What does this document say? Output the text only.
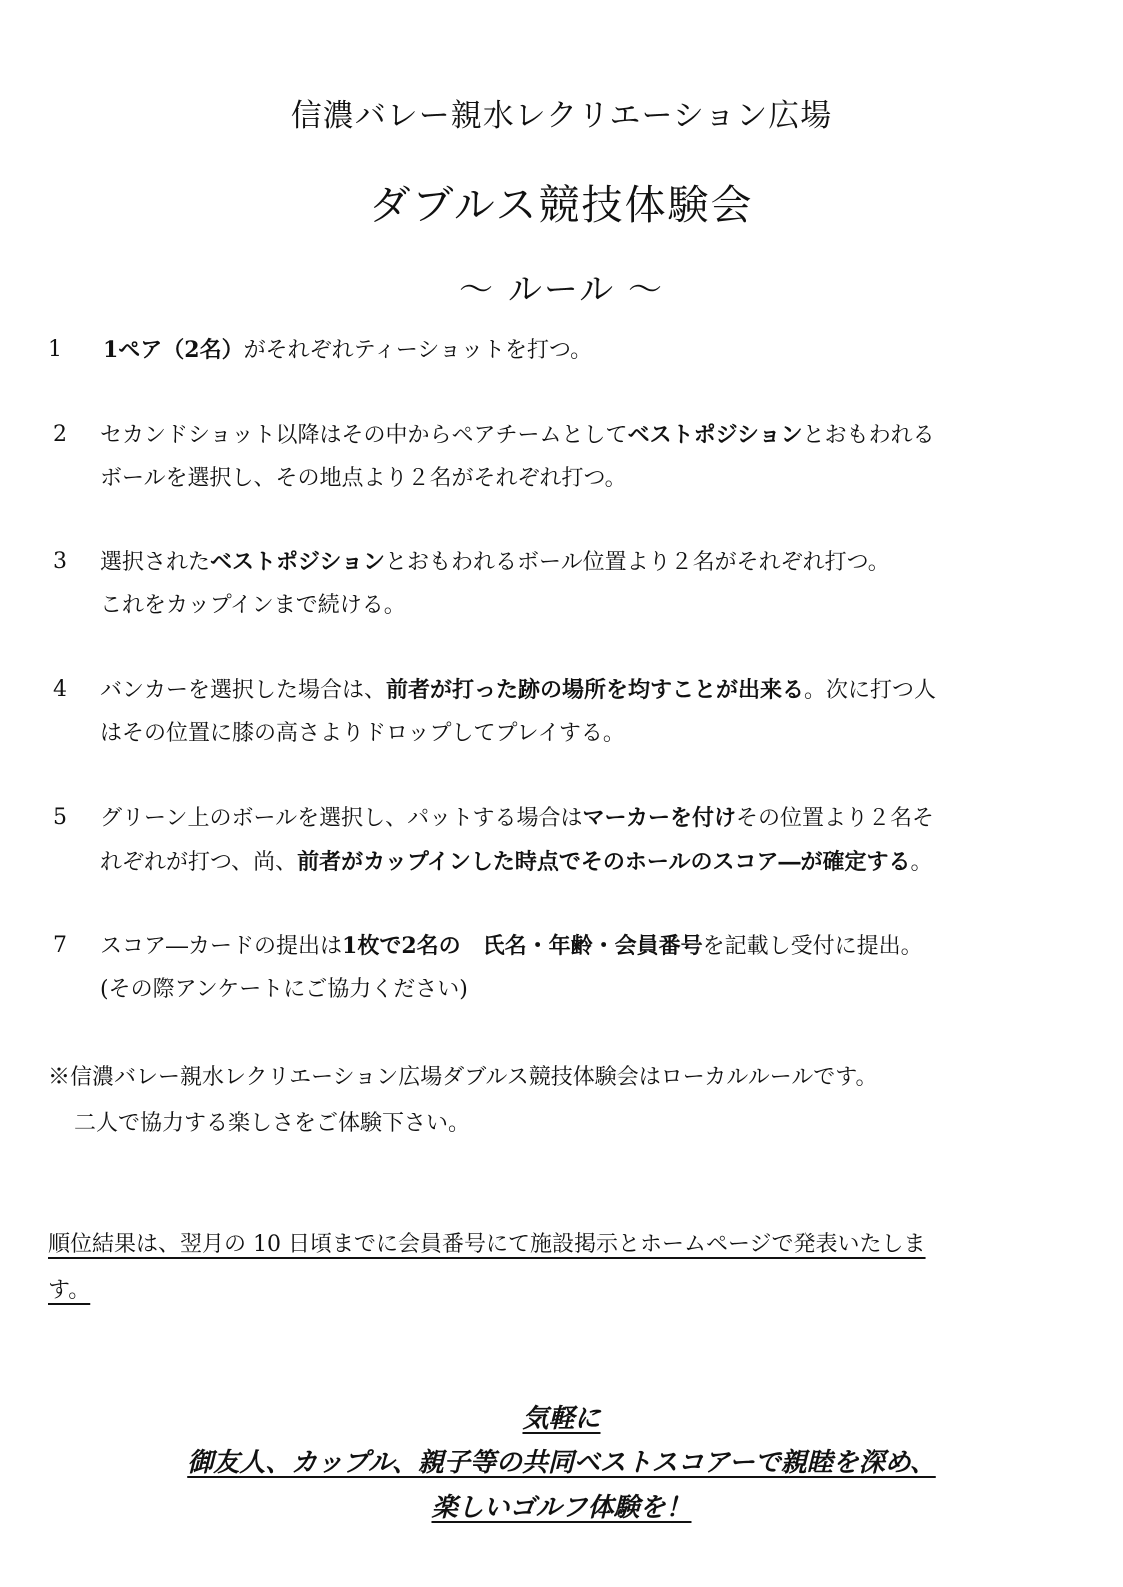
信濃バレー親水レクリエーション広場
ダブルス競技体験会
～ ルール ～
1 1ペア（2名）がそれぞれティーショットを打つ。
2 セカンドショット以降はその中からペアチームとしてベストポジションとおもわれる
ボールを選択し、その地点より２名がそれぞれ打つ。
3 選択されたベストポジションとおもわれるボール位置より２名がそれぞれ打つ。
これをカップインまで続ける。
4 バンカーを選択した場合は、前者が打った跡の場所を均すことが出来る。次に打つ人
はその位置に膝の高さよりドロップしてプレイする。
5 グリーン上のボールを選択し、パットする場合はマーカーを付けその位置より２名そ
れぞれが打つ、尚、前者がカップインした時点でそのホールのスコア―が確定する。
7 スコア―カードの提出は1枚で2名の　氏名・年齢・会員番号を記載し受付に提出。
(その際アンケートにご協力ください)
※信濃バレー親水レクリエーション広場ダブルス競技体験会はローカルルールです。
二人で協力する楽しさをご体験下さい。
順位結果は、翌月の 10 日頃までに会員番号にて施設掲示とホームページで発表いたしま
す。
気軽に
御友人、カップル、親子等の共同ベストスコアーで親睦を深め、
楽しいゴルフ体験を！
